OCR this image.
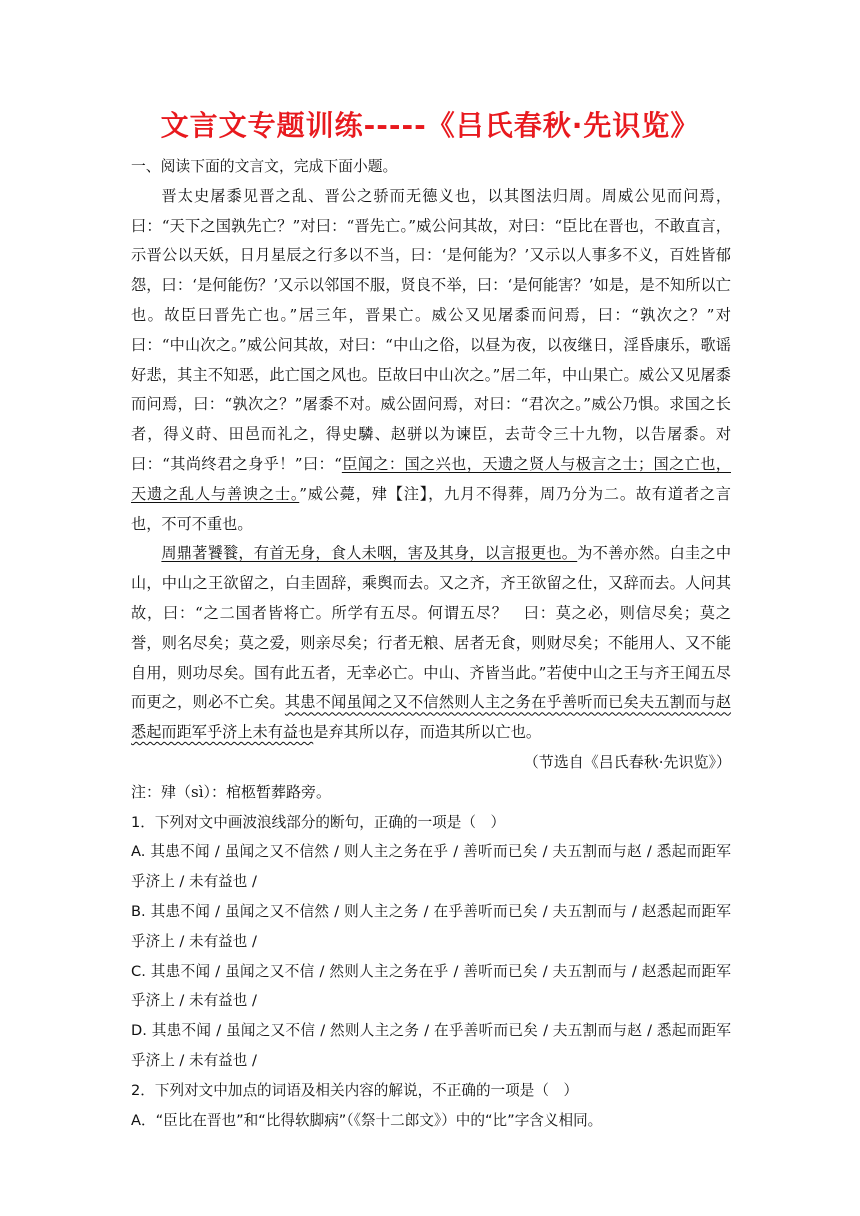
文言文专题训练-----《吕氏春秋·先识览》

一、阅读下面的文言文，完成下面小题。

晋太史屠黍见晋之乱、晋公之骄而无德义也，以其图法归周。周威公见而问焉，曰：“天下之国孰先亡？”对曰：“晋先亡。”威公问其故，对曰：“臣比在晋也，不敢直言，示晋公以天妖，日月星辰之行多以不当，曰：‘是何能为？’又示以人事多不义，百姓皆郁怨，曰：‘是何能伤？’又示以邻国不服，贤良不举，曰：‘是何能害？’如是，是不知所以亡也。故臣曰晋先亡也。”居三年，晋果亡。威公又见屠黍而问焉，曰：“孰次之？”对曰：“中山次之。”威公问其故，对曰：“中山之俗，以昼为夜，以夜继日，淫昏康乐，歌谣好悲，其主不知恶，此亡国之风也。臣故曰中山次之。”居二年，中山果亡。威公又见屠黍而问焉，曰：“孰次之？”屠黍不对。威公固问焉，对曰：“君次之。”威公乃惧。求国之长者，得义莳、田邑而礼之，得史驎、赵骈以为谏臣，去苛令三十九物，以告屠黍。对曰：“其尚终君之身乎！”曰：“臣闻之：国之兴也，天遗之贤人与极言之士；国之亡也，天遗之乱人与善谀之士。”威公薨，肂【注】，九月不得葬，周乃分为二。故有道者之言也，不可不重也。

周鼎著饕餮，有首无身，食人未咽，害及其身，以言报更也。为不善亦然。白圭之中山，中山之王欲留之，白圭固辞，乘舆而去。又之齐，齐王欲留之仕，又辞而去。人问其故，曰：“之二国者皆将亡。所学有五尽。何谓五尽？　曰：莫之必，则信尽矣；莫之誉，则名尽矣；莫之爱，则亲尽矣；行者无粮、居者无食，则财尽矣；不能用人、又不能自用，则功尽矣。国有此五者，无幸必亡。中山、齐皆当此。”若使中山之王与齐王闻五尽而更之，则必不亡矣。其患不闻虽闻之又不信然则人主之务在乎善听而已矣夫五割而与赵悉起而距军乎济上未有益也是弃其所以存，而造其所以亡也。

（节选自《吕氏春秋·先识览》）

注：肂（sì）：棺柩暂葬路旁。

1．下列对文中画波浪线部分的断句，正确的一项是（　）

A. 其患不闻 / 虽闻之又不信然 / 则人主之务在乎 / 善听而已矣 / 夫五割而与赵 / 悉起而距军乎济上 / 未有益也 /

B. 其患不闻 / 虽闻之又不信然 / 则人主之务 / 在乎善听而已矣 / 夫五割而与 / 赵悉起而距军乎济上 / 未有益也 /

C. 其患不闻 / 虽闻之又不信 / 然则人主之务在乎 / 善听而已矣 / 夫五割而与 / 赵悉起而距军乎济上 / 未有益也 /

D. 其患不闻 / 虽闻之又不信 / 然则人主之务 / 在乎善听而已矣 / 夫五割而与赵 / 悉起而距军乎济上 / 未有益也 /

2．下列对文中加点的词语及相关内容的解说，不正确的一项是（　）

A．“臣比在晋也”和“比得软脚病”（《祭十二郎文》）中的“比”字含义相同。
